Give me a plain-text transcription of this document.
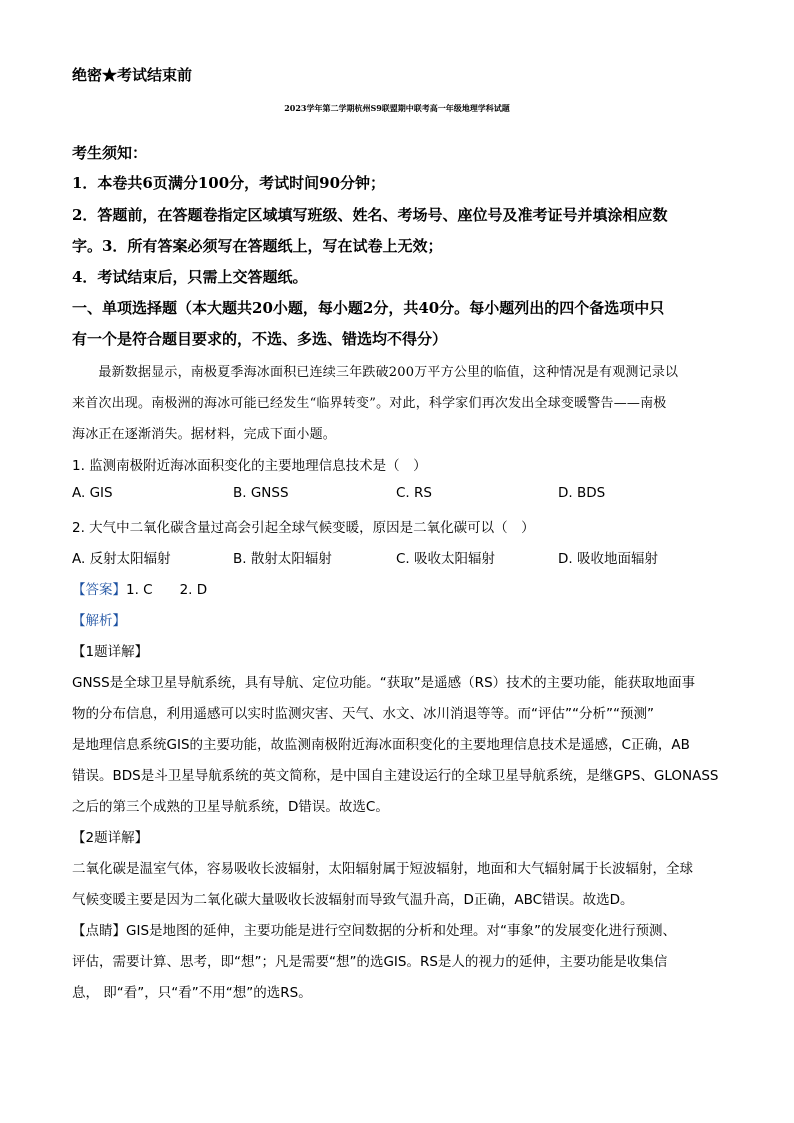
绝密★考试结束前
2023学年第二学期杭州S9联盟期中联考高一年级地理学科试题
考生须知：
1．本卷共6页满分100分，考试时间90分钟；
2．答题前，在答题卷指定区域填写班级、姓名、考场号、座位号及准考证号并填涂相应数
字。3．所有答案必须写在答题纸上，写在试卷上无效；
4．考试结束后，只需上交答题纸。
一、单项选择题（本大题共20小题，每小题2分，共40分。每小题列出的四个备选项中只
有一个是符合题目要求的，不选、多选、错选均不得分）
　　最新数据显示，南极夏季海冰面积已连续三年跌破200万平方公里的临值，这种情况是有观测记录以
来首次出现。南极洲的海冰可能已经发生“临界转变”。对此，科学家们再次发出全球变暖警告——南极
海冰正在逐渐消失。据材料，完成下面小题。
1. 监测南极附近海冰面积变化的主要地理信息技术是（　）
A. GIS	B. GNSS	C. RS	D. BDS
2. 大气中二氧化碳含量过高会引起全球气候变暖，原因是二氧化碳可以（　）
A. 反射太阳辐射	B. 散射太阳辐射	C. 吸收太阳辐射	D. 吸收地面辐射
【答案】1. C　　2. D
【解析】
【1题详解】
GNSS是全球卫星导航系统，具有导航、定位功能。“获取”是遥感（RS）技术的主要功能，能获取地面事
物的分布信息，利用遥感可以实时监测灾害、天气、水文、冰川消退等等。而“评估”“分析”“预测”
是地理信息系统GIS的主要功能，故监测南极附近海冰面积变化的主要地理信息技术是遥感，C正确，AB
错误。BDS是斗卫星导航系统的英文简称，是中国自主建设运行的全球卫星导航系统，是继GPS、GLONASS
之后的第三个成熟的卫星导航系统，D错误。故选C。
【2题详解】
二氧化碳是温室气体，容易吸收长波辐射，太阳辐射属于短波辐射，地面和大气辐射属于长波辐射，全球
气候变暖主要是因为二氧化碳大量吸收长波辐射而导致气温升高，D正确，ABC错误。故选D。
【点睛】GIS是地图的延伸，主要功能是进行空间数据的分析和处理。对“事象”的发展变化进行预测、
评估，需要计算、思考，即“想”；凡是需要“想”的选GIS。RS是人的视力的延伸，主要功能是收集信
息， 即“看”，只“看”不用“想”的选RS。
